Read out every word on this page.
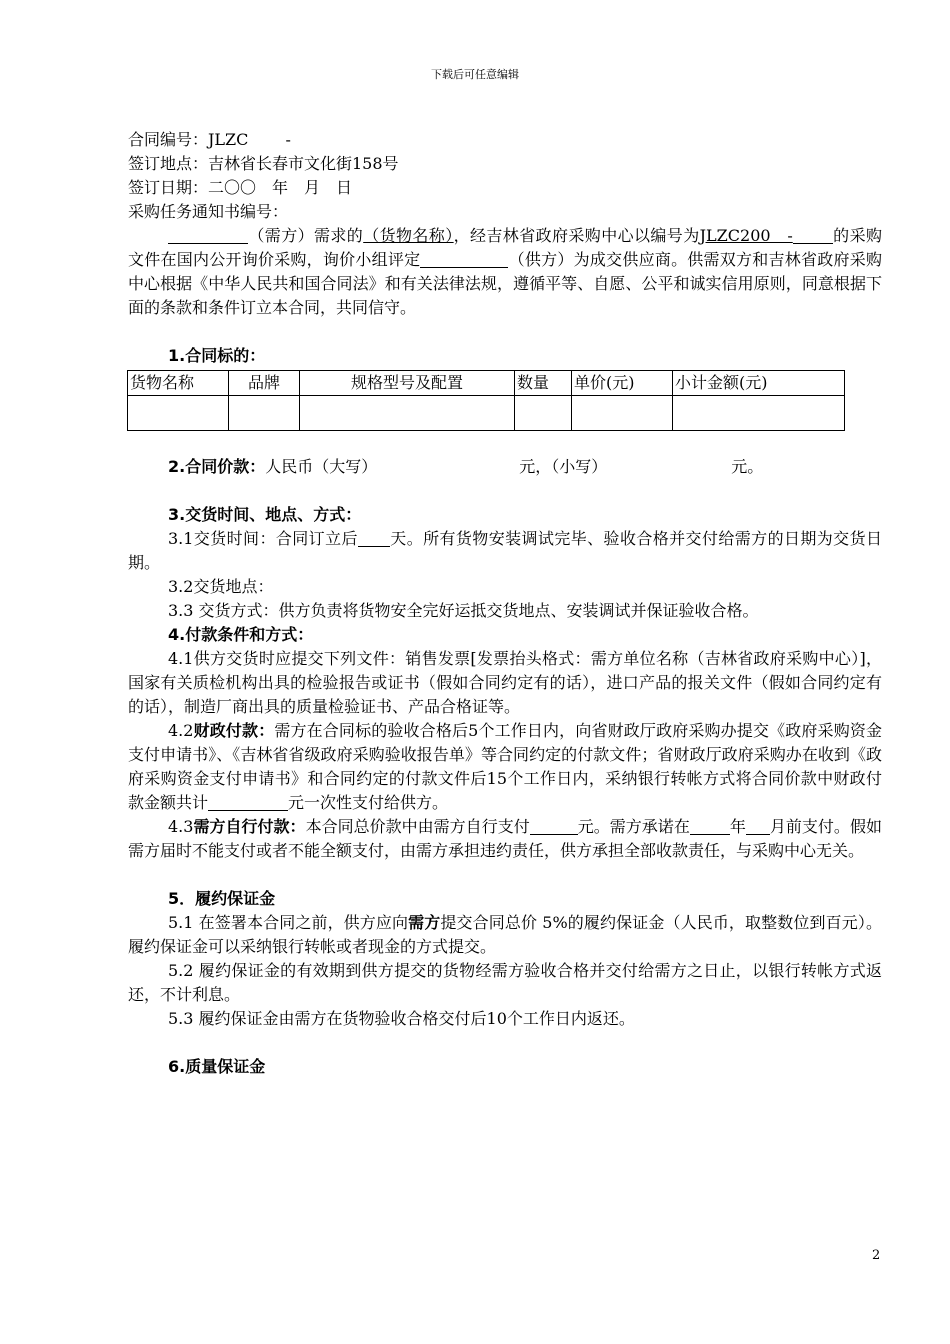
下载后可任意编辑
合同编号：JLZC　　 -
签订地点：吉林省长春市文化街158号
签订日期：二〇〇　年　月　日
采购任务通知书编号：
（需方）需求的（货物名称），经吉林省政府采购中心以编号为JLZC200　-	的采购文件在国内公开询价采购，询价小组评定	（供方）为成交供应商。供需双方和吉林省政府采购中心根据《中华人民共和国合同法》和有关法律法规，遵循平等、自愿、公平和诚实信用原则，同意根据下面的条款和条件订立本合同，共同信守。
1.合同标的：
货物名称	品牌	规格型号及配置	数量	单价(元)	小计金额(元)

2.合同价款：人民币（大写）	元，（小写）	元。
3.交货时间、地点、方式：
3.1交货时间：合同订立后 天。所有货物安装调试完毕、验收合格并交付给需方的日期为交货日期。
3.2交货地点：
3.3 交货方式：供方负责将货物安全完好运抵交货地点、安装调试并保证验收合格。
4.付款条件和方式：
4.1供方交货时应提交下列文件：销售发票[发票抬头格式：需方单位名称（吉林省政府采购中心）]，国家有关质检机构出具的检验报告或证书（假如合同约定有的话），进口产品的报关文件（假如合同约定有的话），制造厂商出具的质量检验证书、产品合格证等。
4.2财政付款：需方在合同标的验收合格后5个工作日内，向省财政厅政府采购办提交《政府采购资金支付申请书》、《吉林省省级政府采购验收报告单》等合同约定的付款文件；省财政厅政府采购办在收到《政府采购资金支付申请书》和合同约定的付款文件后15个工作日内，采纳银行转帐方式将合同价款中财政付款金额共计	元一次性支付给供方。
4.3需方自行付款：本合同总价款中由需方自行支付	元。需方承诺在	年 月前支付。假如需方届时不能支付或者不能全额支付，由需方承担违约责任，供方承担全部收款责任，与采购中心无关。
5．履约保证金
5.1 在签署本合同之前，供方应向需方提交合同总价 5%的履约保证金（人民币，取整数位到百元）。履约保证金可以采纳银行转帐或者现金的方式提交。
5.2 履约保证金的有效期到供方提交的货物经需方验收合格并交付给需方之日止，以银行转帐方式返还，不计利息。
5.3 履约保证金由需方在货物验收合格交付后10个工作日内返还。
6.质量保证金
2
